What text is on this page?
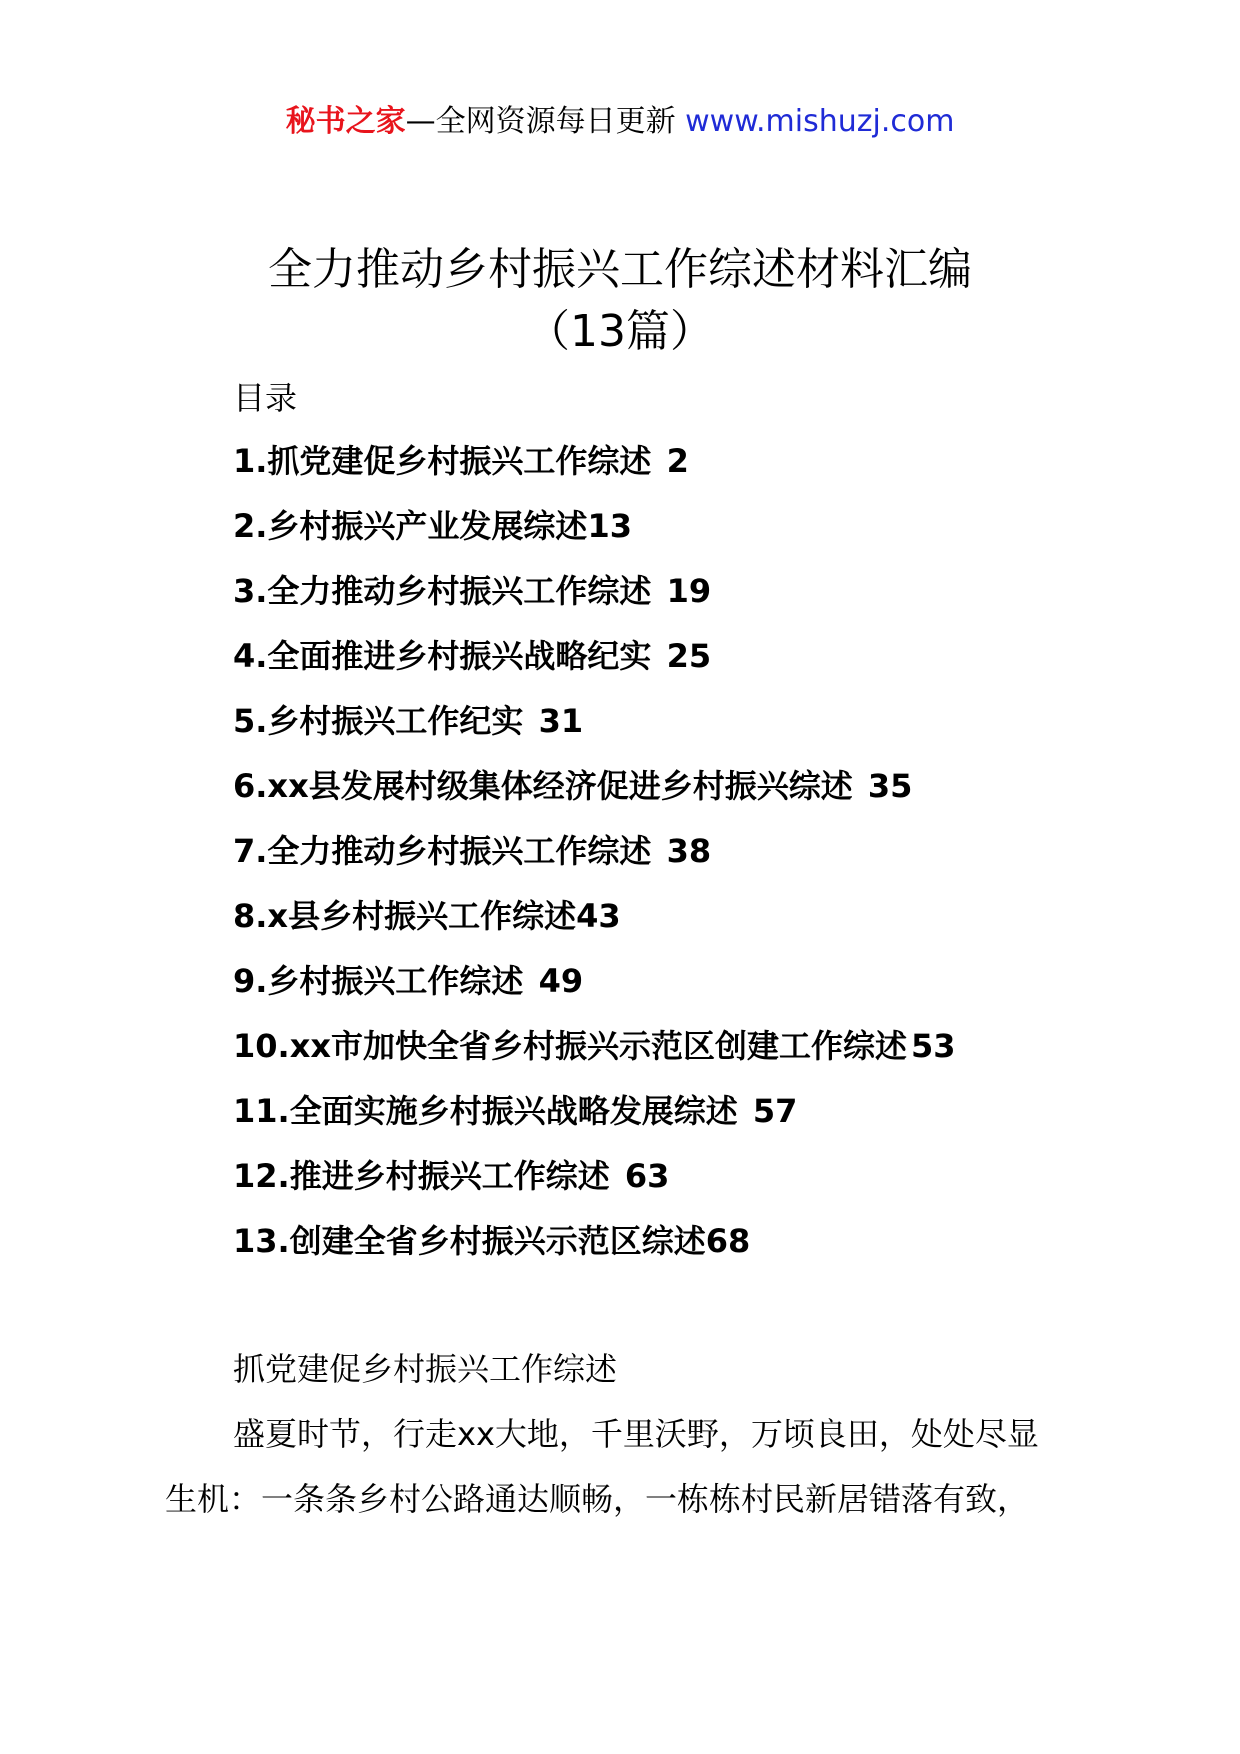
秘书之家—全网资源每日更新 www.mishuzj.com
全力推动乡村振兴工作综述材料汇编
（13篇）
目录
1.抓党建促乡村振兴工作综述 2
2.乡村振兴产业发展综述13
3.全力推动乡村振兴工作综述 19
4.全面推进乡村振兴战略纪实 25
5.乡村振兴工作纪实 31
6.xx县发展村级集体经济促进乡村振兴综述 35
7.全力推动乡村振兴工作综述 38
8.x县乡村振兴工作综述43
9.乡村振兴工作综述 49
10.xx市加快全省乡村振兴示范区创建工作综述 53
11.全面实施乡村振兴战略发展综述 57
12.推进乡村振兴工作综述 63
13.创建全省乡村振兴示范区综述68
抓党建促乡村振兴工作综述
盛夏时节，行走xx大地，千里沃野，万顷良田，处处尽显
生机：一条条乡村公路通达顺畅，一栋栋村民新居错落有致，
